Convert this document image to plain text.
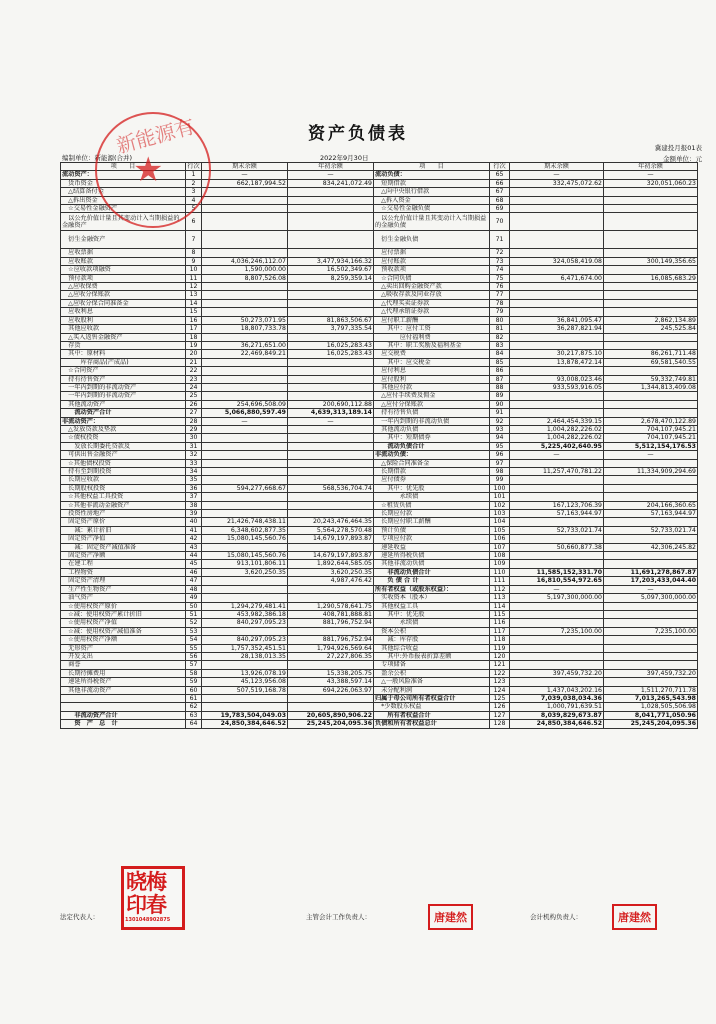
资产负债表
冀建投月报01表
金额单位：元
编制单位：新能源(合并)	2022年9月30日
项　　目	行次	期末余额	年初余额	项　　目	行次	期末余额	年初余额
流动资产：	1	—	—	流动负债：	65	—	—
　货币资金	2	662,187,994.52	834,241,072.49	　短期借款	66	332,475,072.62	320,051,060.23
　△结算备付金	3			　△向中央银行借款	67		
　△拆出资金	4			　△拆入资金	68		
　☆交易性金融资产	5			　☆交易性金融负债	69		
　以公允价值计量且其变动计入当期损益的金融资产	6			　以公允价值计量且其变动计入当期损益的金融负债	70		
　衍生金融资产	7			　衍生金融负债	71		
　应收票据	8			　应付票据	72		
　应收账款	9	4,036,246,112.07	3,477,934,166.32	　应付账款	73	324,058,419.08	300,149,356.65
　☆应收款项融资	10	1,590,000.00	16,502,349.67	　预收款项	74		
　预付款项	11	8,807,526.08	8,259,359.14	　☆合同负债	75	6,471,674.00	16,085,683.29
　△应收保费	12			　△卖出回购金融资产款	76		
　△应收分保账款	13			　△吸收存款及同业存放	77		
　△应收分保合同准备金	14			　△代理买卖证券款	78		
　应收利息	15			　△代理承销证券款	79		
　应收股利	16	50,273,071.95	81,863,506.67	　应付职工薪酬	80	36,841,095.47	2,862,134.89
　其他应收款	17	18,807,733.78	3,797,335.54	　　其中：应付工资	81	36,287,821.94	245,525.84
　△买入返售金融资产	18			　　　　应付福利费	82		
　存货	19	36,271,651.00	16,025,283.43	　　其中：职工奖励及福利基金	83		
　其中：原材料	20	22,469,849.21	16,025,283.43	　应交税费	84	30,217,875.10	86,261,711.48
　　　库存商品(产成品)	21			　　其中：应交税金	85	13,878,472.14	69,581,540.55
　☆合同资产	22			　应付利息	86		
　持有待售资产	23			　应付股利	87	93,008,023.46	59,332,749.81
　一年内到期的非流动资产	24			　其他应付款	88	933,593,916.05	1,344,813,409.08
　一年内到期的非流动资产	25			　△应付手续费及佣金	89		
　其他流动资产	26	254,696,508.09	200,690,112.88	　△应付分保账款	90		
　　流动资产合计	27	5,066,880,597.49	4,639,313,189.14	　持有待售负债	91		
非流动资产：	28	—	—	　一年内到期的非流动负债	92	2,464,454,339.15	2,678,470,122.89
　△发放贷款及垫款	29			　其他流动负债	93	1,004,282,226.02	704,107,945.21
　☆债权投资	30			　　其中：短期债券	94	1,004,282,226.02	704,107,945.21
　　发放长期委托贷款及	31			　　流动负债合计	95	5,225,402,640.95	5,512,154,176.53
　可供出售金融资产	32			非流动负债：	96	—	—
　☆其他债权投资	33			　△保险合同准备金	97		
　持有至到期投资	34			　长期借款	98	11,257,470,781.22	11,334,909,294.69
　长期应收款	35			　应付债券	99		
　长期股权投资	36	594,277,668.67	568,536,704.74	　　其中：优先股	100		
　☆其他权益工具投资	37			　　　　永续债	101		
　☆其他非流动金融资产	38			　☆租赁负债	102	167,123,706.39	204,166,360.65
　投资性房地产	39			　长期应付款	103	57,163,944.97	57,163,944.97
　固定资产原价	40	21,426,748,438.11	20,243,476,464.35	　长期应付职工薪酬	104		
　　减：累计折旧	41	6,348,602,877.35	5,564,278,570.48	　预计负债	105	52,733,021.74	52,733,021.74
　固定资产净值	42	15,080,145,560.76	14,679,197,893.87	　专项应付款	106		
　　减：固定资产减值准备	43			　递延收益	107	50,660,877.38	42,306,245.82
　固定资产净额	44	15,080,145,560.76	14,679,197,893.87	　递延所得税负债	108		
　在建工程	45	913,101,806.11	1,892,644,585.05	　其他非流动负债	109		
　工程物资	46	3,620,250.35	3,620,250.35	　　非流动负债合计	110	11,585,152,331.70	11,691,278,867.87
　固定资产清理	47		4,987,476.42	　　负 债 合 计	111	16,810,554,972.65	17,203,433,044.40
　生产性生物资产	48			所有者权益（或股东权益）：	112	—	—
　油气资产	49			　实收资本（股本）	113	5,197,300,000.00	5,097,300,000.00
　☆使用权资产原价	50	1,294,279,481.41	1,290,578,641.75	　其他权益工具	114		
　☆减：使用权资产累计折旧	51	453,982,386.18	408,781,888.81	　　其中：优先股	115		
　☆使用权资产净值	52	840,297,095.23	881,796,752.94	　　　　永续债	116		
　☆减：使用权资产减值准备	53			　资本公积	117	7,235,100.00	7,235,100.00
　☆使用权资产净额	54	840,297,095.23	881,796,752.94	　　减：库存股	118		
　无形资产	55	1,757,352,451.51	1,794,926,569.64	　其他综合收益	119		
　开发支出	56	28,138,013.35	27,227,806.35	　　其中:外币报表折算差额	120		
　商誉	57			　专项储备	121		
　长期待摊费用	58	13,926,078.19	15,338,205.75	　盈余公积	122	397,459,732.20	397,459,732.20
　递延所得税资产	59	45,123,956.08	43,388,597.14	　△一般风险准备	123		
　其他非流动资产	60	507,519,168.78	694,226,063.97	　未分配利润	124	1,437,043,202.16	1,511,270,711.78
	61			归属于母公司所有者权益合计	125	7,039,038,034.36	7,013,265,543.98
	62			　*少数股东权益	126	1,000,791,639.51	1,028,505,506.98
　　非流动资产合计	63	19,783,504,049.03	20,605,890,906.22	　　所有者权益合计	127	8,039,829,673.87	8,041,771,050.96
　　资　产　总　计	64	24,850,384,646.52	25,245,204,095.36	负债和所有者权益总计	128	24,850,384,646.52	25,245,204,095.36
★
新能源有
晓梅
印春
1301048902875
法定代表人：	主管会计工作负责人：	会计机构负责人：
唐建然	唐建然
